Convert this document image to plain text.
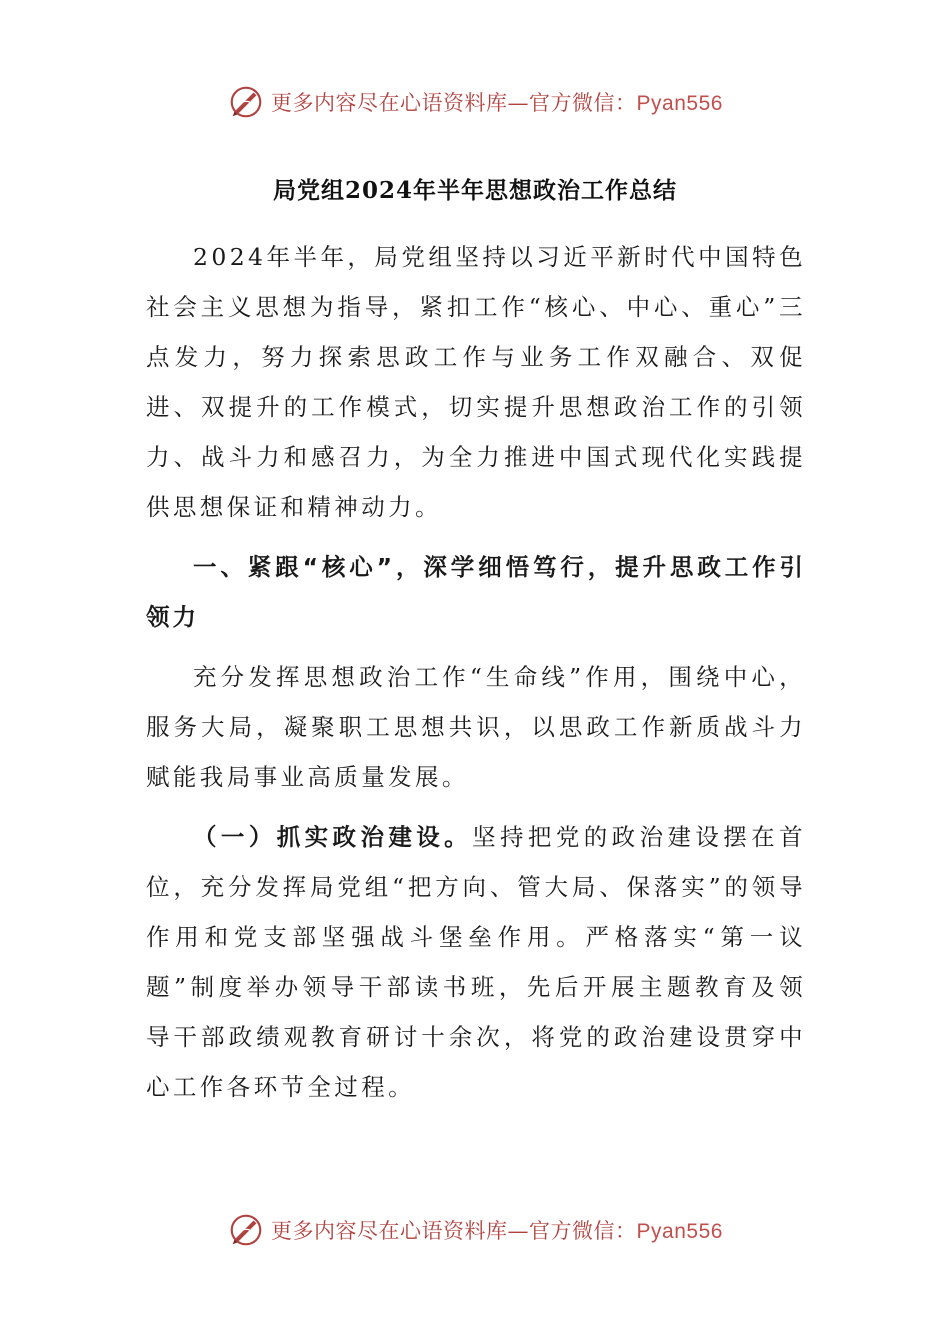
更多内容尽在心语资料库—官方微信：Pyan556
局党组2024年半年思想政治工作总结

2024年半年，局党组坚持以习近平新时代中国特色社会主义思想为指导，紧扣工作“核心、中心、重心”三点发力，努力探索思政工作与业务工作双融合、双促进、双提升的工作模式，切实提升思想政治工作的引领力、战斗力和感召力，为全力推进中国式现代化实践提供思想保证和精神动力。

一、紧跟“核心”，深学细悟笃行，提升思政工作引领力

充分发挥思想政治工作“生命线”作用，围绕中心，服务大局，凝聚职工思想共识，以思政工作新质战斗力赋能我局事业高质量发展。

（一）抓实政治建设。坚持把党的政治建设摆在首位，充分发挥局党组“把方向、管大局、保落实”的领导作用和党支部坚强战斗堡垒作用。严格落实“第一议题”制度举办领导干部读书班，先后开展主题教育及领导干部政绩观教育研讨十余次，将党的政治建设贯穿中心工作各环节全过程。

更多内容尽在心语资料库—官方微信：Pyan556
